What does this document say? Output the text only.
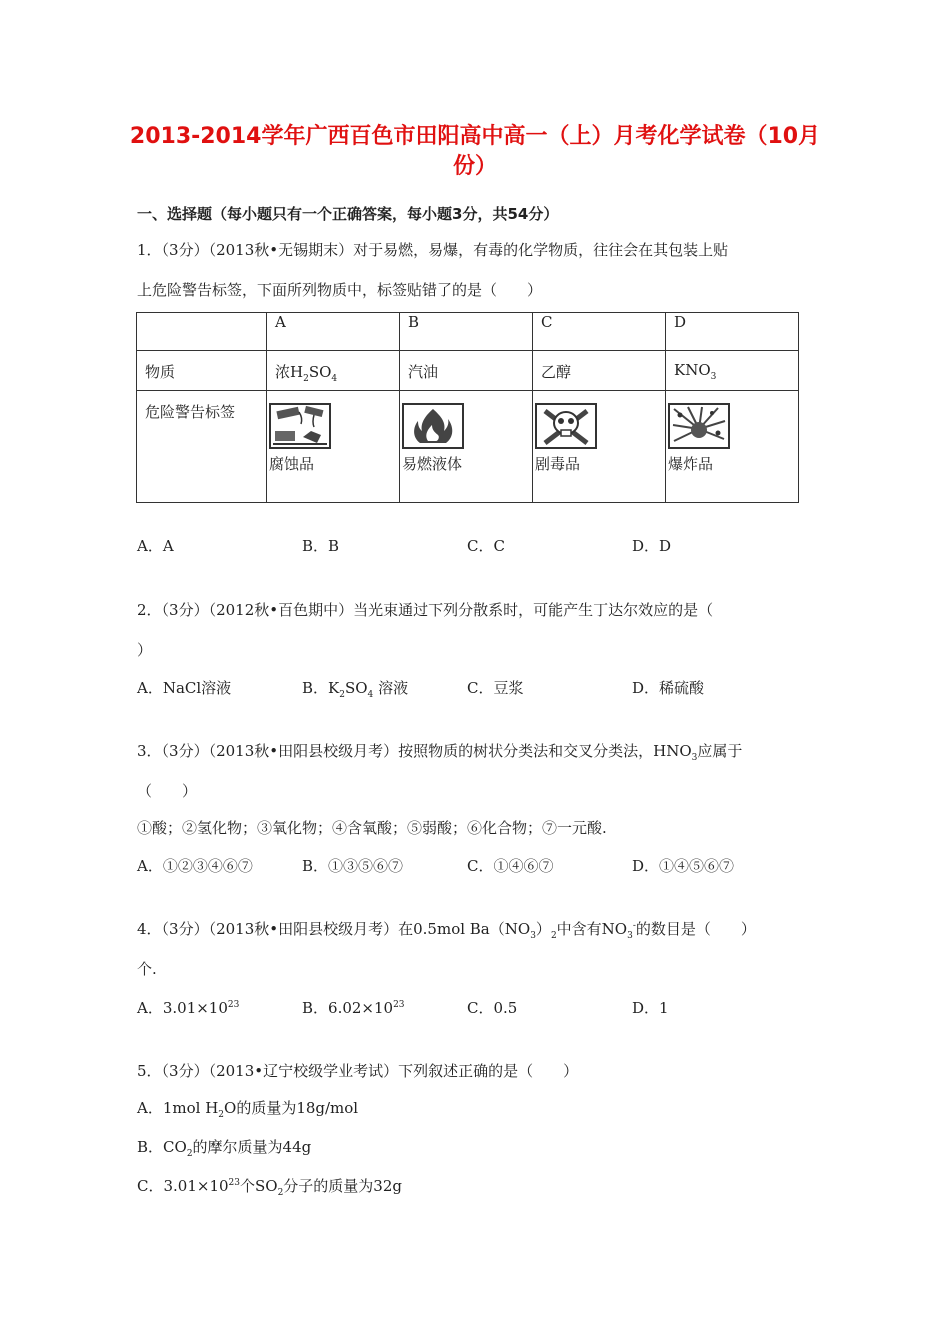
2013-2014学年广西百色市田阳高中高一（上）月考化学试卷（10月份）
一、选择题（每小题只有一个正确答案，每小题3分，共54分）
1．（3分）（2013秋•无锡期末）对于易燃，易爆，有毒的化学物质，往往会在其包装上贴
上危险警告标签，下面所列物质中，标签贴错了的是（　　）
	A	B	C	D

物质	浓$H_2SO_4$	汽油	乙醇	$KNO_3$

危险警告标签	腐蚀品	易燃液体	剧毒品	爆炸品
A．A	B．B	C．C	D．D
2．（3分）（2012秋•百色期中）当光束通过下列分散系时，可能产生丁达尔效应的是（
）
A．NaCl溶液	B．$K_2SO_4$ 溶液	C．豆浆	D．稀硫酸
3．（3分）（2013秋•田阳县校级月考）按照物质的树状分类法和交叉分类法，$HNO_3$应属于
（　　）
①酸；②氢化物；③氧化物；④含氧酸；⑤弱酸；⑥化合物；⑦一元酸.
A．①②③④⑥⑦	B．①③⑤⑥⑦	C．①④⑥⑦	D．①④⑤⑥⑦
4．（3分）（2013秋•田阳县校级月考）在0.5mol $Ba(NO_3)_2$中含有$NO_3^-$的数目是（　　）
个.
A．$3.01\times 10^{23}$	B．$6.02\times 10^{23}$	C．0.5	D．1
5．（3分）（2013•辽宁校级学业考试）下列叙述正确的是（　　）
A．1mol $H_2O$的质量为18g/mol
B．$CO_2$的摩尔质量为44g
C．$3.01\times 10^{23}$个$SO_2$分子的质量为32g
